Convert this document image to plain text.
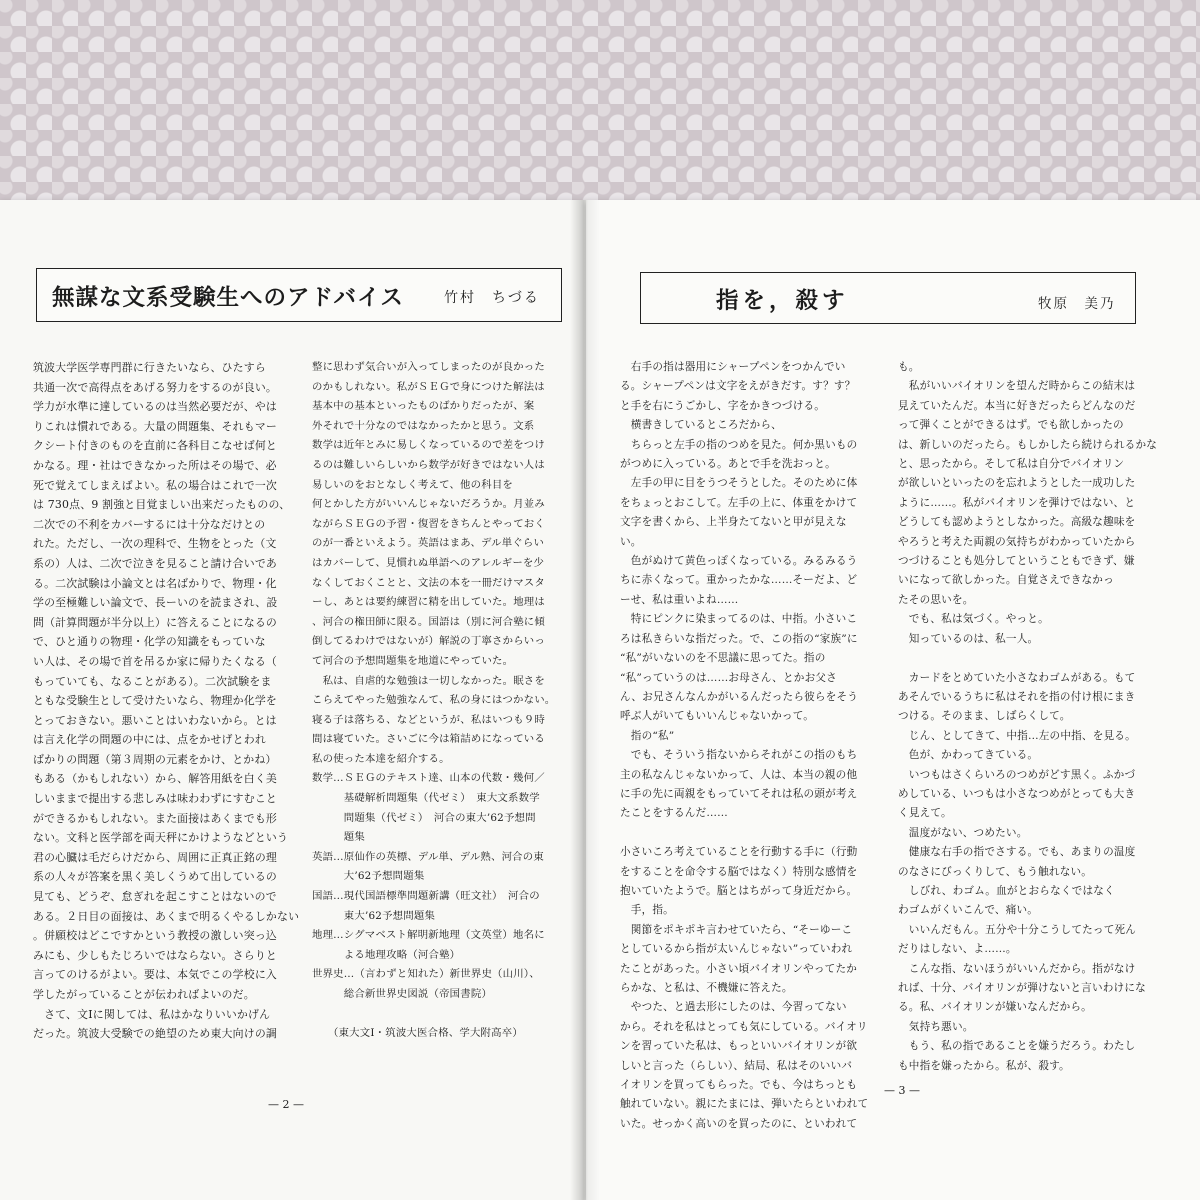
無謀な文系受験生へのアドバイス	竹村　ちづる	指を，殺す	牧原　美乃
筑波大学医学専門群に行きたいなら、ひたすら
共通一次で高得点をあげる努力をするのが良い。
学力が水準に達しているのは当然必要だが、やは
りこれは慣れである。大量の問題集、それもマー
クシート付きのものを直前に各科目こなせば何と
かなる。理・社はできなかった所はその場で、必
死で覚えてしまえばよい。私の場合はこれで一次
は 730点、9 割強と目覚ましい出来だったものの、
二次での不利をカバーするには十分なだけとの
れた。ただし、一次の理科で、生物をとった（文
系の）人は、二次で泣きを見ること請け合いであ
る。二次試験は小論文とは名ばかりで、物理・化
学の至極難しい論文で、長ーいのを読まされ、設
問（計算問題が半分以上）に答えることになるの
で、ひと通りの物理・化学の知識をもっていな
い人は、その場で首を吊るか家に帰りたくなる（
もっていても、なることがある）。二次試験をま
ともな受験生として受けたいなら、物理か化学を
とっておきない。悪いことはいわないから。とは
は言え化学の問題の中には、点をかせげとわれ
ばかりの問題（第３周期の元素をかけ、とかね）
もある（かもしれない）から、解答用紙を白く美
しいままで提出する悲しみは味わわずにすむこと
ができるかもしれない。また面接はあくまでも形
ない。文科と医学部を両天秤にかけようなどという
君の心臓は毛だらけだから、周囲に正真正銘の理
系の人々が答案を黒く美しくうめて出しているの
見ても、どうぞ、怠ぎれを起こすことはないので
ある。２日目の面接は、あくまで明るくやるしかない
。併願校はどこですかという教授の激しい突っ込
みにも、少しもたじろいではならない。さらりと
言ってのけるがよい。要は、本気でこの学校に入
学したがっていることが伝わればよいのだ。
　さて、文Ⅰに関しては、私はかなりいいかげん
だった。筑波大受験での絶望のため東大向けの調
整に思わず気合いが入ってしまったのが良かった
のかもしれない。私がＳＥＧで身につけた解法は
基本中の基本といったものばかりだったが、案
外それで十分なのではなかったかと思う。文系
数学は近年とみに易しくなっているので差をつけ
るのは難しいらしいから数学が好きではない人は
易しいのをおとなしく考えて、他の科目を
何とかした方がいいんじゃないだろうか。月並み
ながらＳＥＧの予習・復習をきちんとやっておく
のが一番といえよう。英語はまあ、デル単ぐらい
はカバーして、見慣れぬ単語へのアレルギーを少
なくしておくことと、文法の本を一冊だけマスタ
ーし、あとは要約練習に精を出していた。地理は
、河合の権田師に限る。国語は（別に河合塾に傾
倒してるわけではないが）解説の丁寧さからいっ
て河合の予想問題集を地道にやっていた。
　私は、自虐的な勉強は一切しなかった。眠さを
こらえてやった勉強なんて、私の身にはつかない。
寝る子は落ちる、などというが、私はいつも９時
間は寝ていた。さいごに今は箱詰めになっている
私の使った本達を紹介する。
数学…ＳＥＧのテキスト達、山本の代数・幾何／
　　　基礎解析問題集（代ゼミ）　東大文系数学
　　　問題集（代ゼミ）　河合の東大’62予想問
　　　題集
英語…原仙作の英標、デル単、デル熟、河合の東
　　　大’62予想問題集
国語…現代国語標準問題新講（旺文社）　河合の
　　　東大’62予想問題集
地理…シグマベスト解明新地理（文英堂）地名に
　　　よる地理攻略（河合塾）
世界史…（言わずと知れた）新世界史（山川）、
　　　総合新世界史図説（帝国書院）

　　（東大文Ⅰ・筑波大医合格、学大附高卒）
　右手の指は器用にシャープペンをつかんでい
る。シャープペンは文字をえがきだす。す？す？
と手を右にうごかし、字をかきつづける。
　横書きしているところだから、
　ちらっと左手の指のつめを見た。何か黒いもの
がつめに入っている。あとで手を洗おっと。
　左手の甲に目をうつそうとした。そのために体
をちょっとおこして。左手の上に、体重をかけて
文字を書くから、上半身たてないと甲が見えな
い。
　色がぬけて黄色っぽくなっている。みるみるう
ちに赤くなって。重かったかな……そーだよ、ど
ーせ、私は重いよね……
　特にピンクに染まってるのは、中指。小さいこ
ろは私きらいな指だった。で、この指の“家族”に
“私”がいないのを不思議に思ってた。指の
“私”っていうのは……お母さん、とかお父さ
ん、お兄さんなんかがいるんだったら彼らをそう
呼ぶ人がいてもいいんじゃないかって。
　指の“私”
　でも、そういう指ないからそれがこの指のもち
主の私なんじゃないかって、人は、本当の親の他
に手の先に両親をもっていてそれは私の頭が考え
たことをするんだ……

小さいころ考えていることを行動する手に（行動
をすることを命令する脳ではなく）特別な感情を
抱いていたようで。脳とはちがって身近だから。
　手，指。
　関節をポキポキ言わせていたら、“そーゆーこ
としているから指が太いんじゃない”っていわれ
たことがあった。小さい頃バイオリンやってたか
らかな、と私は、不機嫌に答えた。
　やつた、と過去形にしたのは、今習ってない
から。それを私はとっても気にしている。バイオリ
ンを習っていた私は、もっといいバイオリンが欲
しいと言った（らしい）、結局、私はそのいいバ
イオリンを買ってもらった。でも、今はちっとも
触れていない。親にたまには、弾いたらといわれて
いた。せっかく高いのを買ったのに、といわれて
も。
　私がいいバイオリンを望んだ時からこの結末は
見えていたんだ。本当に好きだったらどんなのだ
って弾くことができるはず。でも欲しかったの
は、新しいのだったら。もしかしたら続けられるかな
と、思ったから。そして私は自分でバイオリン
が欲しいといったのを忘れようとした一成功した
ように……。私がバイオリンを弾けではない、と
どうしても認めようとしなかった。高級な趣味を
やろうと考えた両親の気持ちがわかっていたから
つづけることも処分してということもできず、嫌
いになって欲しかった。自覚さえできなかっ
たその思いを。
　でも、私は気づく。やっと。
　知っているのは、私一人。

　カードをとめていた小さなわゴムがある。もて
あそんでいるうちに私はそれを指の付け根にまき
つける。そのまま、しばらくして。
　じん、としてきて、中指…左の中指、を見る。
　色が、かわってきている。
　いつもはさくらいろのつめがどす黒く。ふかづ
めしている、いつもは小さなつめがとっても大き
く見えて。
　温度がない、つめたい。
　健康な右手の指でさする。でも、あまりの温度
のなさにびっくりして、もう触れない。
　しびれ、わゴム。血がとおらなくではなく
わゴムがくいこんで、痛い。
　いいんだもん。五分や十分こうしてたって死ん
だりはしない、よ……。
　こんな指、ないほうがいいんだから。指がなけ
れば、十分、バイオリンが弾けないと言いわけにな
る。私、バイオリンが嫌いなんだから。
　気持ち悪い。
　もう、私の指であることを嫌うだろう。わたし
も中指を嫌ったから。私が、殺す。
— 2 —
— 3 —
